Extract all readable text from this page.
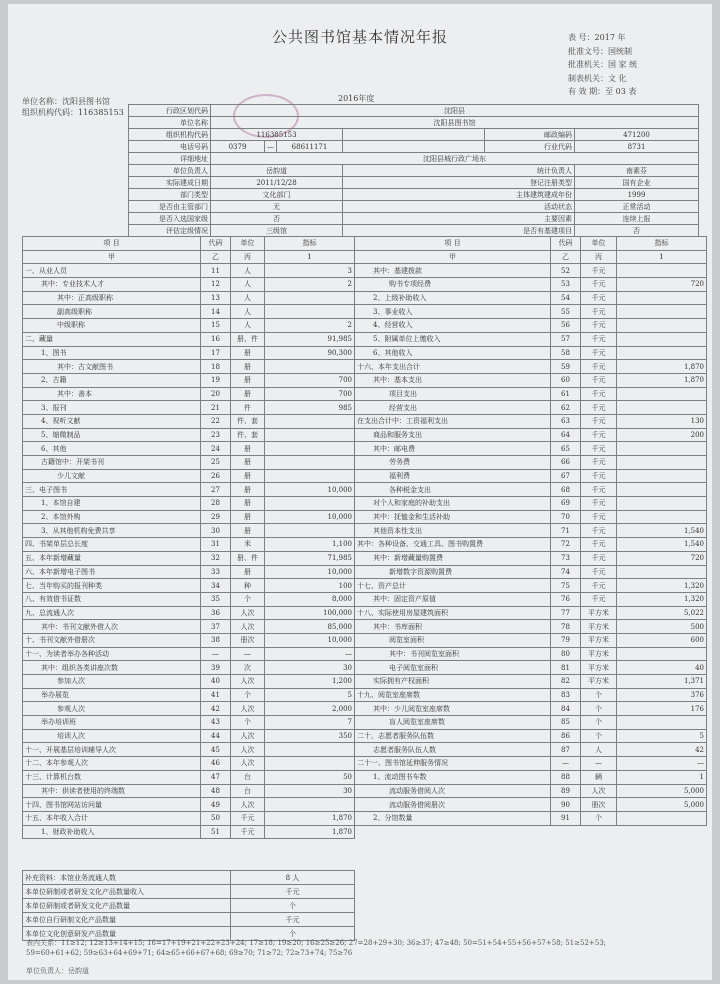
公共图书馆基本情况年报	表 号：2017 年
批准文号：国统制
批准机关：国 家 统
制表机关：文 化
有 效 期：至 03 表
单位名称：沈阳县图书馆
组织机构代码：116385153
2016年度
行政区划代码	沈阳县					
单位名称	沈阳县图书馆					
组织机构代码	116385153				邮政编码	471200
电话号码	0379	—	68611171		行业代码	8731
详细地址	沈阳县城行政广场东					
单位负责人	岳韵道			统计负责人		南素芬
实际建成日期	2011/12/28			登记注册类型		国有企业
部门类型	文化部门			主体建筑建成年份		1999
是否由主管部门	无			活动状态		正常活动
是否入选国家级	否			主要因素		连续上报
评估定级情况	三级馆			是否有基建项目		否
项 目	代码	单位	指标
甲	乙	丙	1
一、从业人员	11	人	3
其中：专业技术人才	12	人	2
其中：正高级职称	13	人	
副高级职称	14	人	
中级职称	15	人	2
二、藏量	16	册、件	91,985
1、图书	17	册	90,300
其中：古文献图书	18	册	
2、古籍	19	册	700
其中：善本	20	册	700
3、报刊	21	件	985
4、视听文献	22	件、套	
5、缩微制品	23	件、套	
6、其他	24	册	
古籍馆中：开架书刊	25	册	
少儿文献	26	册	
三、电子图书	27	册	10,000
1、本馆自建	28	册	
2、本馆外购	29	册	10,000
3、从其他机构免费共享	30	册	
四、书架单层总长度	31	米	1,100
五、本年新增藏量	32	册、件	71,985
六、本年新增电子图书	33	册	10,000
七、当年购买的报刊种类	34	种	100
八、有效借书证数	35	个	8,000
九、总流通人次	36	人次	100,000
其中：书刊文献外借人次	37	人次	85,000
十、书刊文献外借册次	38	册次	10,000
十一、为读者举办各种活动	—	—	—
其中：组织各类讲座次数	39	次	30
参加人次	40	人次	1,200
举办展览	41	个	5
参观人次	42	人次	2,000
举办培训班	43	个	7
培训人次	44	人次	350
十一、开展基层培训辅导人次	45	人次	
十二、本年参观人次	46	人次	
十三、计算机台数	47	台	50
其中：供读者使用的终端数	48	台	30
十四、图书馆网站访问量	49	人次	
十五、本年收入合计	50	千元	1,870
1、财政补助收入	51	千元	1,870
项 目	代码	单位	指标
甲	乙	丙	1
其中：基建拨款	52	千元	
购书专项经费	53	千元	720
2、上级补助收入	54	千元	
3、事业收入	55	千元	
4、经营收入	56	千元	
5、附属单位上缴收入	57	千元	
6、其他收入	58	千元	
十六、本年支出合计	59	千元	1,870
其中：基本支出	60	千元	1,870
项目支出	61	千元	
经营支出	62	千元	
在支出合计中：工资福利支出	63	千元	130
商品和服务支出	64	千元	200
其中：邮电费	65	千元	
劳务费	66	千元	
福利费	67	千元	
各种税金支出	68	千元	
对个人和家庭的补助支出	69	千元	
其中：抚恤金和生活补助	70	千元	
其他资本性支出	71	千元	1,540
其中：各种设备、交通工具、图书购置费	72	千元	1,540
其中：新增藏量购置费	73	千元	720
新增数字资源购置费	74	千元	
十七、资产总计	75	千元	1,320
其中：固定资产原值	76	千元	1,320
十八、实际使用房屋建筑面积	77	平方米	5,022
其中：书库面积	78	平方米	500
阅览室面积	79	平方米	600
其中：书刊阅览室面积	80	平方米	
电子阅览室面积	81	平方米	40
实际拥有产权面积	82	平方米	1,371
十九、阅览室座席数	83	个	376
其中：少儿阅览室座席数	84	个	176
盲人阅览室座席数	85	个	
二十、志愿者服务队伍数	86	个	5
志愿者服务队伍人数	87	人	42
二十一、图书馆延伸服务情况	—	—	—
1、流动图书车数	88	辆	1
流动服务借阅人次	89	人次	5,000
流动服务借阅册次	90	册次	5,000
2、分馆数量	91	个	
补充资料：本馆业务流通人数	8 人
本单位研制或者研发文化产品数量收入	千元
本单位研制或者研发文化产品数量	个
本单位自行研制文化产品数量	千元
本单位文化创意研发产品数量	个
表内关系：11≥12; 12≥13+14+15; 16=17+19+21+22+23+24; 17≥18; 19≥20; 16≥25≥26; 27=28+29+30; 36≥37; 47≥48; 50=51+54+55+56+57+58; 51≥52+53;
59=60+61+62; 59≥63+64+69+71; 64≥65+66+67+68; 69≥70; 71≥72; 72≥73+74; 75≥76
单位负责人：岳韵道
